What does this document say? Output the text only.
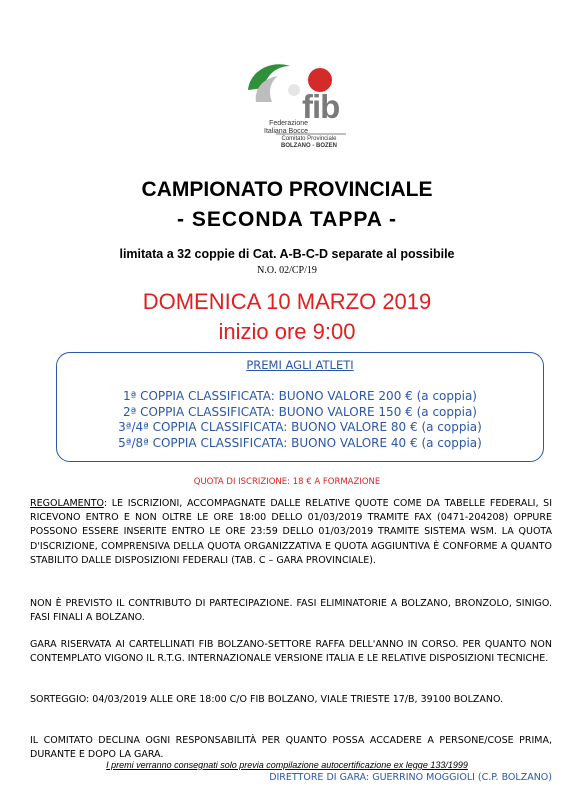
fib
Federazione
Italiana Bocce
Comitato Provinciale
BOLZANO - BOZEN
CAMPIONATO PROVINCIALE
- SECONDA TAPPA -
limitata a 32 coppie di Cat. A-B-C-D separate al possibile
N.O. 02/CP/19
DOMENICA 10 MARZO 2019
inizio ore 9:00
PREMI AGLI ATLETI
1ª COPPIA CLASSIFICATA: BUONO VALORE 200 € (a coppia)
2ª COPPIA CLASSIFICATA: BUONO VALORE 150 € (a coppia)
3ª/4ª COPPIA CLASSIFICATA: BUONO VALORE 80 € (a coppia)
5ª/8ª COPPIA CLASSIFICATA: BUONO VALORE 40 € (a coppia)
QUOTA DI ISCRIZIONE: 18 € A FORMAZIONE
REGOLAMENTO: LE ISCRIZIONI, ACCOMPAGNATE DALLE RELATIVE QUOTE COME DA TABELLE FEDERALI, SI RICEVONO ENTRO E NON OLTRE LE ORE 18:00 DELLO 01/03/2019 TRAMITE FAX (0471-204208) OPPURE POSSONO ESSERE INSERITE ENTRO LE ORE 23:59 DELLO 01/03/2019 TRAMITE SISTEMA WSM. LA QUOTA D'ISCRIZIONE, COMPRENSIVA DELLA QUOTA ORGANIZZATIVA E QUOTA AGGIUNTIVA È CONFORME A QUANTO STABILITO DALLE DISPOSIZIONI FEDERALI (TAB. C – GARA PROVINCIALE).
NON È PREVISTO IL CONTRIBUTO DI PARTECIPAZIONE. FASI ELIMINATORIE A BOLZANO, BRONZOLO, SINIGO. FASI FINALI A BOLZANO.
GARA RISERVATA AI CARTELLINATI FIB BOLZANO-SETTORE RAFFA DELL'ANNO IN CORSO. PER QUANTO NON CONTEMPLATO VIGONO IL R.T.G. INTERNAZIONALE VERSIONE ITALIA E LE RELATIVE DISPOSIZIONI TECNICHE.
SORTEGGIO: 04/03/2019 ALLE ORE 18:00 C/O FIB BOLZANO, VIALE TRIESTE 17/B, 39100 BOLZANO.
IL COMITATO DECLINA OGNI RESPONSABILITÀ PER QUANTO POSSA ACCADERE A PERSONE/COSE PRIMA, DURANTE E DOPO LA GARA.
I premi verranno consegnati solo previa compilazione autocertificazione ex legge 133/1999
DIRETTORE DI GARA: GUERRINO MOGGIOLI (C.P. BOLZANO)
